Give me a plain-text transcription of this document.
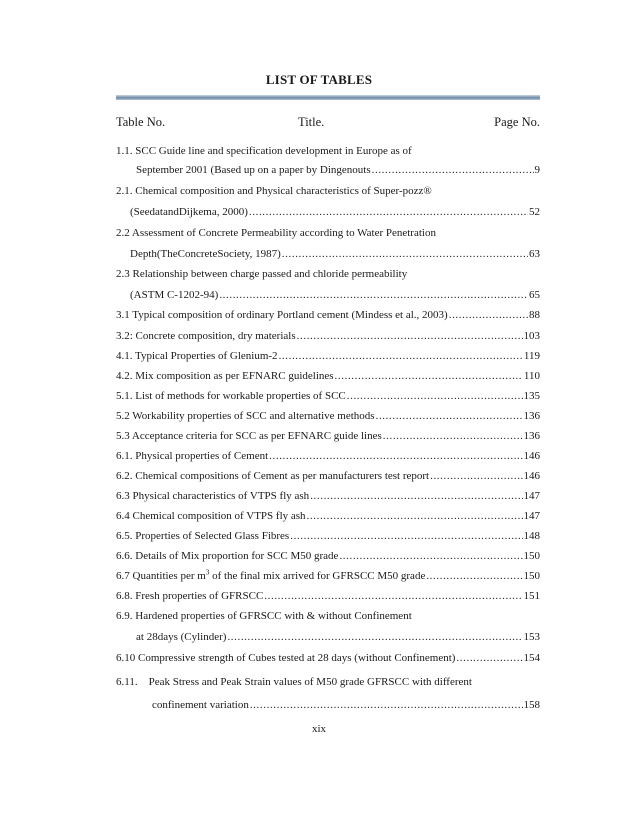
LIST OF TABLES
Table No.	Title.	Page No.
1.1. SCC Guide line and specification development in Europe as of
September 2001 (Based up on a paper by Dingenouts .....	9
2.1. Chemical composition and Physical characteristics of Super-pozz®
(SeedatandDijkema, 2000) .....	52
2.2 Assessment of Concrete Permeability according to Water Penetration
Depth(TheConcreteSociety, 1987) .....	63
2.3 Relationship between charge passed and chloride permeability
(ASTM C-1202-94) .....	65
3.1 Typical composition of ordinary Portland cement (Mindess et al., 2003) .....	88
3.2: Concrete composition, dry materials .....	103
4.1. Typical Properties of Glenium-2 .....	119
4.2. Mix composition as per EFNARC guidelines .....	110
5.1. List of methods for workable properties of SCC .....	135
5.2 Workability properties of SCC and alternative methods .....	136
5.3 Acceptance criteria for SCC as per EFNARC guide lines .....	136
6.1. Physical properties of Cement .....	146
6.2. Chemical compositions of Cement as per manufacturers test report .....	146
6.3 Physical characteristics of VTPS fly ash .....	147
6.4 Chemical composition of VTPS fly ash .....	147
6.5. Properties of Selected Glass Fibres .....	148
6.6. Details of Mix proportion for SCC M50 grade .....	150
6.7 Quantities per $m^3$ of the final mix arrived for GFRSCC M50 grade .....	150
6.8. Fresh properties of GFRSCC .....	151
6.9. Hardened properties of GFRSCC with & without Confinement
at 28days (Cylinder) .....	153
6.10 Compressive strength of Cubes tested at 28 days (without Confinement) .....	154
6.11.    Peak Stress and Peak Strain values of M50 grade GFRSCC with different
confinement variation .....	158
xix
